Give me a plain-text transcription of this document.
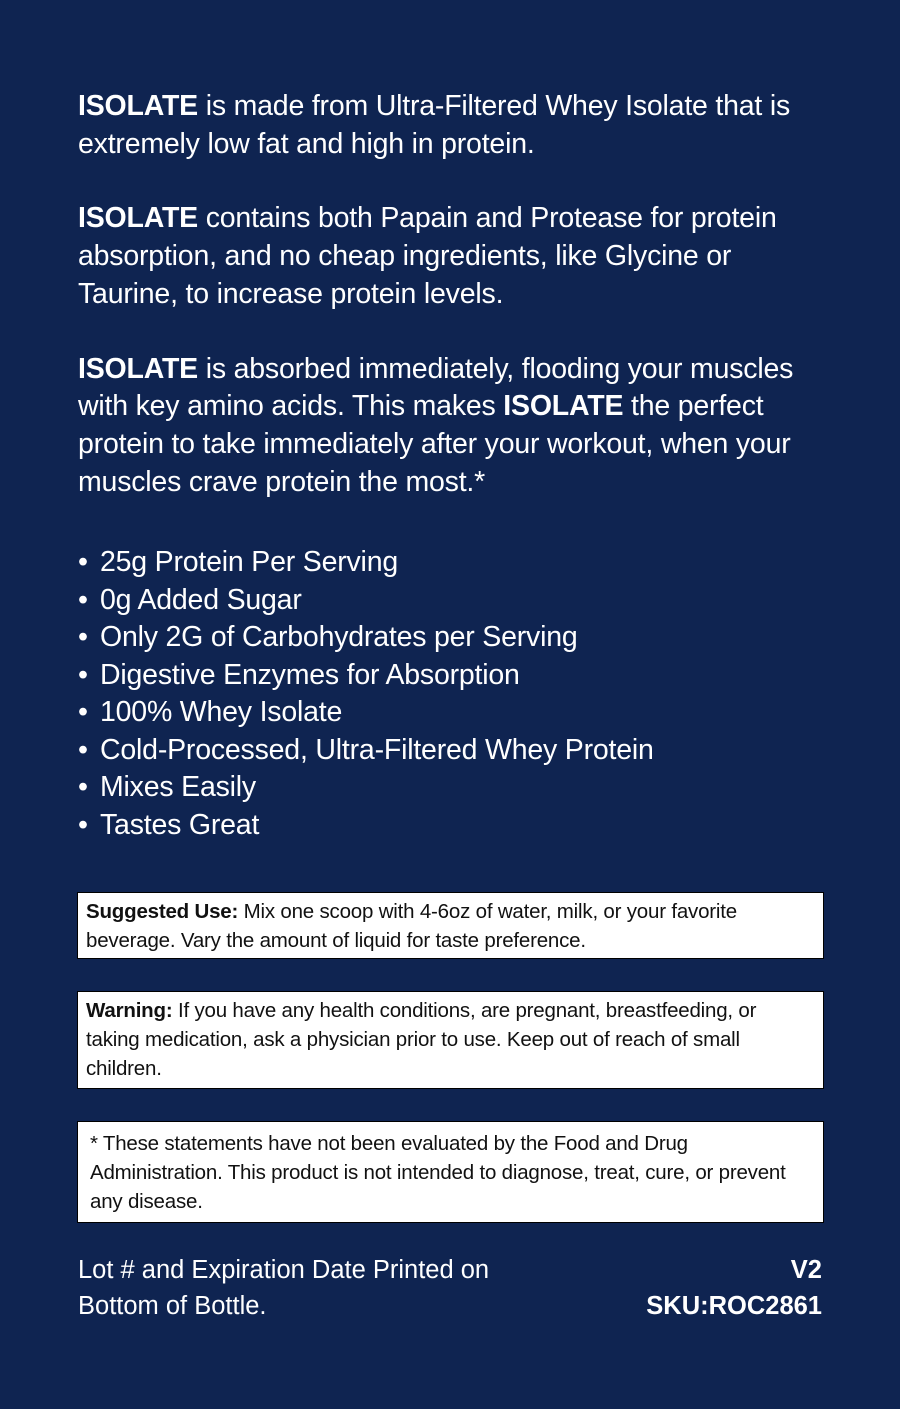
ISOLATE is made from Ultra-Filtered Whey Isolate that is extremely low fat and high in protein.

ISOLATE contains both Papain and Protease for protein absorption, and no cheap ingredients, like Glycine or Taurine, to increase protein levels.

ISOLATE is absorbed immediately, flooding your muscles with key amino acids. This makes ISOLATE the perfect protein to take immediately after your workout, when your muscles crave protein the most.*

• 25g Protein Per Serving
• 0g Added Sugar
• Only 2G of Carbohydrates per Serving
• Digestive Enzymes for Absorption
• 100% Whey Isolate
• Cold-Processed, Ultra-Filtered Whey Protein
• Mixes Easily
• Tastes Great
Suggested Use: Mix one scoop with 4-6oz of water, milk, or your favorite beverage. Vary the amount of liquid for taste preference.
Warning: If you have any health conditions, are pregnant, breastfeeding, or taking medication, ask a physician prior to use. Keep out of reach of small children.
* These statements have not been evaluated by the Food and Drug Administration. This product is not intended to diagnose, treat, cure, or prevent any disease.
Lot # and Expiration Date Printed on
Bottom of Bottle.
V2
SKU:ROC2861
